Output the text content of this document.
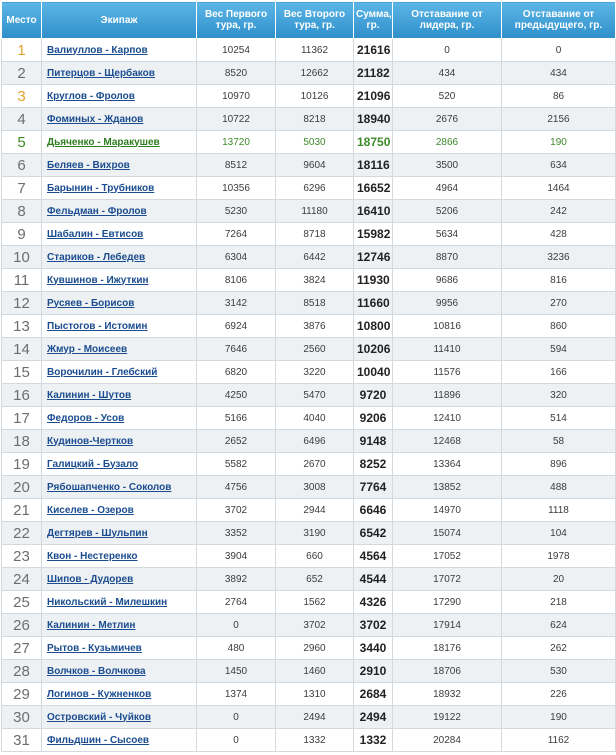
Место	Экипаж	Вес Первого тура, гр.	Вес Второго тура, гр.	Сумма, гр.	Отставание от лидера, гр.	Отставание от предыдущего, гр.
1	Валиуллов - Карпов	10254	11362	21616	0	0
2	Питерцов - Щербаков	8520	12662	21182	434	434
3	Круглов - Фролов	10970	10126	21096	520	86
4	Фоминых - Жданов	10722	8218	18940	2676	2156
5	Дьяченко - Маракушев	13720	5030	18750	2866	190
6	Беляев - Вихров	8512	9604	18116	3500	634
7	Барынин - Трубников	10356	6296	16652	4964	1464
8	Фельдман - Фролов	5230	11180	16410	5206	242
9	Шабалин - Евтисов	7264	8718	15982	5634	428
10	Стариков - Лебедев	6304	6442	12746	8870	3236
11	Кувшинов - Ижуткин	8106	3824	11930	9686	816
12	Русяев - Борисов	3142	8518	11660	9956	270
13	Пыстогов - Истомин	6924	3876	10800	10816	860
14	Жмур - Моисеев	7646	2560	10206	11410	594
15	Ворочилин - Глебский	6820	3220	10040	11576	166
16	Калинин - Шутов	4250	5470	9720	11896	320
17	Федоров - Усов	5166	4040	9206	12410	514
18	Кудинов-Чертков	2652	6496	9148	12468	58
19	Галицкий - Бузало	5582	2670	8252	13364	896
20	Рябошапченко - Соколов	4756	3008	7764	13852	488
21	Киселев - Озеров	3702	2944	6646	14970	1118
22	Дегтярев - Шульпин	3352	3190	6542	15074	104
23	Квон - Нестеренко	3904	660	4564	17052	1978
24	Шипов - Дудорев	3892	652	4544	17072	20
25	Никольский - Милешкин	2764	1562	4326	17290	218
26	Калинин - Метлин	0	3702	3702	17914	624
27	Рытов - Кузьмичев	480	2960	3440	18176	262
28	Волчков - Волчкова	1450	1460	2910	18706	530
29	Логинов - Кужненков	1374	1310	2684	18932	226
30	Островский - Чуйков	0	2494	2494	19122	190
31	Фильдшин - Сысоев	0	1332	1332	20284	1162
